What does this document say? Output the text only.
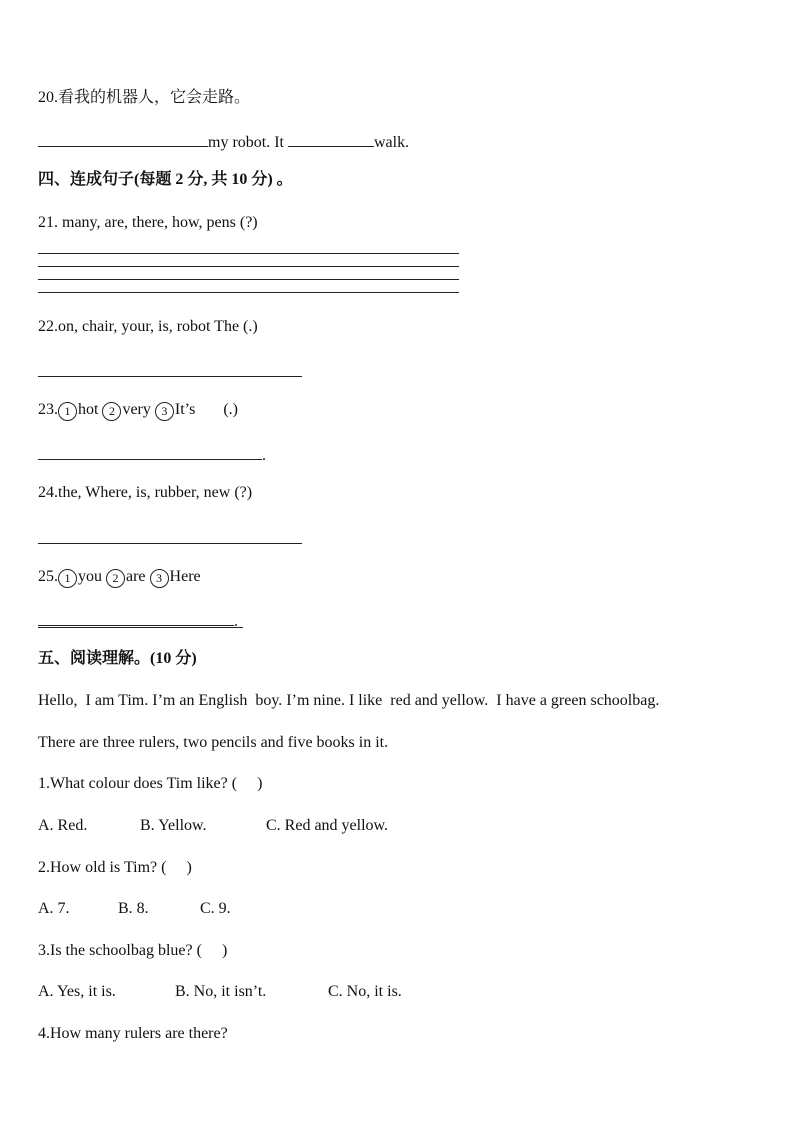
20.看我的机器人，它会走路。
my robot. It	walk.
四、连成句子(每题 2 分, 共 10 分) 。
21. many, are, there, how, pens (?)
22.on, chair, your, is, robot The (.)
23. 1 hot 2 very 3 It’s (.)
.
24.the, Where, is, rubber, new (?)
25. 1 you 2 are 3 Here
.
五、阅读理解。(10 分)
Hello,  I am Tim. I’m an English  boy. I’m nine. I like  red and yellow.  I have a green schoolbag.
There are three rulers, two pencils and five books in it.
1.What colour does Tim like? (     )
A. Red.	B. Yellow.	C. Red and yellow.
2.How old is Tim? (     )
A. 7.	B. 8.	C. 9.
3.Is the schoolbag blue? (     )
A. Yes, it is.	B. No, it isn’t.	C. No, it is.
4.How many rulers are there?
